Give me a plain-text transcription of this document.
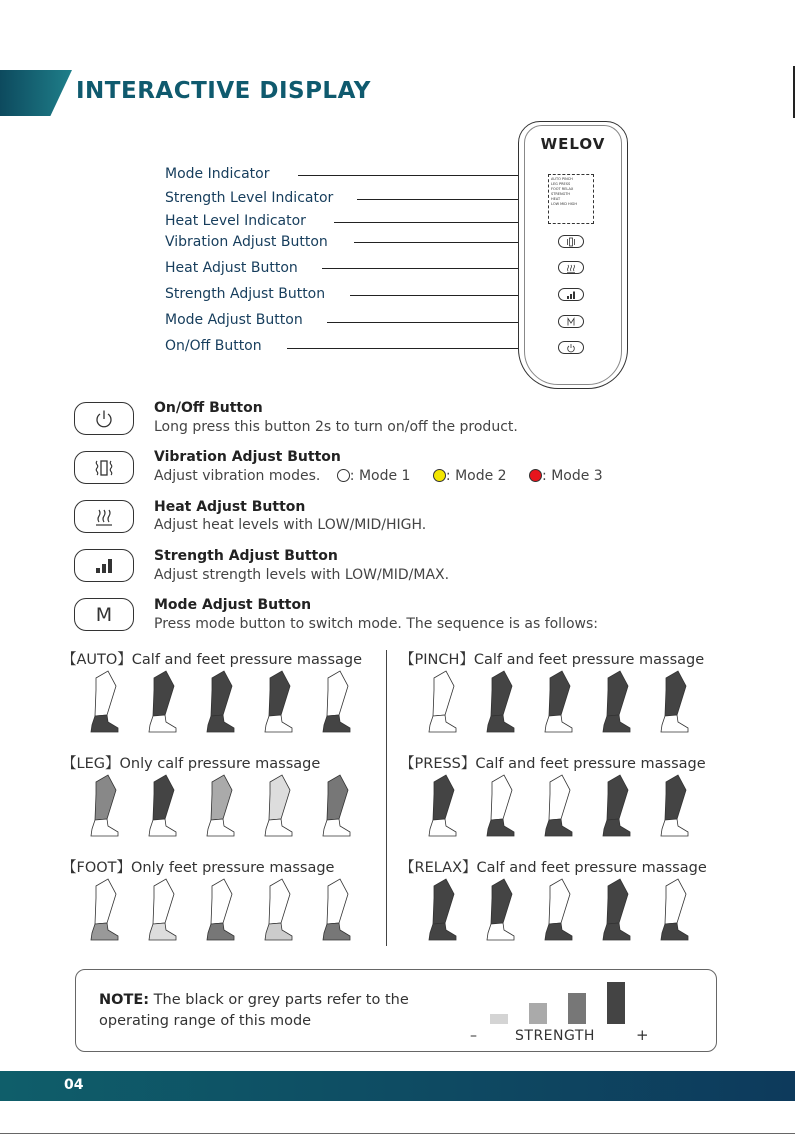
INTERACTIVE DISPLAY
Mode Indicator
Strength Level Indicator
Heat Level Indicator
Vibration Adjust Button
Heat Adjust Button
Strength Adjust Button
Mode Adjust Button
On/Off Button
WELOV
AUTO PINCH
LEG PRESS
FOOT RELAX
STRENGTH
HEAT
LOW MID HIGH
On/Off Button
Long press this button 2s to turn on/off the product.
Vibration Adjust Button
Adjust vibration modes. : Mode 1	: Mode 2	: Mode 3
Heat Adjust Button
Adjust heat levels with LOW/MID/HIGH.
Strength Adjust Button
Adjust strength levels with LOW/MID/MAX.
M	Mode Adjust Button
Press mode button to switch mode. The sequence is as follows:
【AUTO】Calf and feet pressure massage	【PINCH】Calf and feet pressure massage
【LEG】Only calf pressure massage	【PRESS】Calf and feet pressure massage
【FOOT】Only feet pressure massage	【RELAX】Calf and feet pressure massage
NOTE: The black or grey parts refer to the operating range of this mode
–	STRENGTH	+
04
